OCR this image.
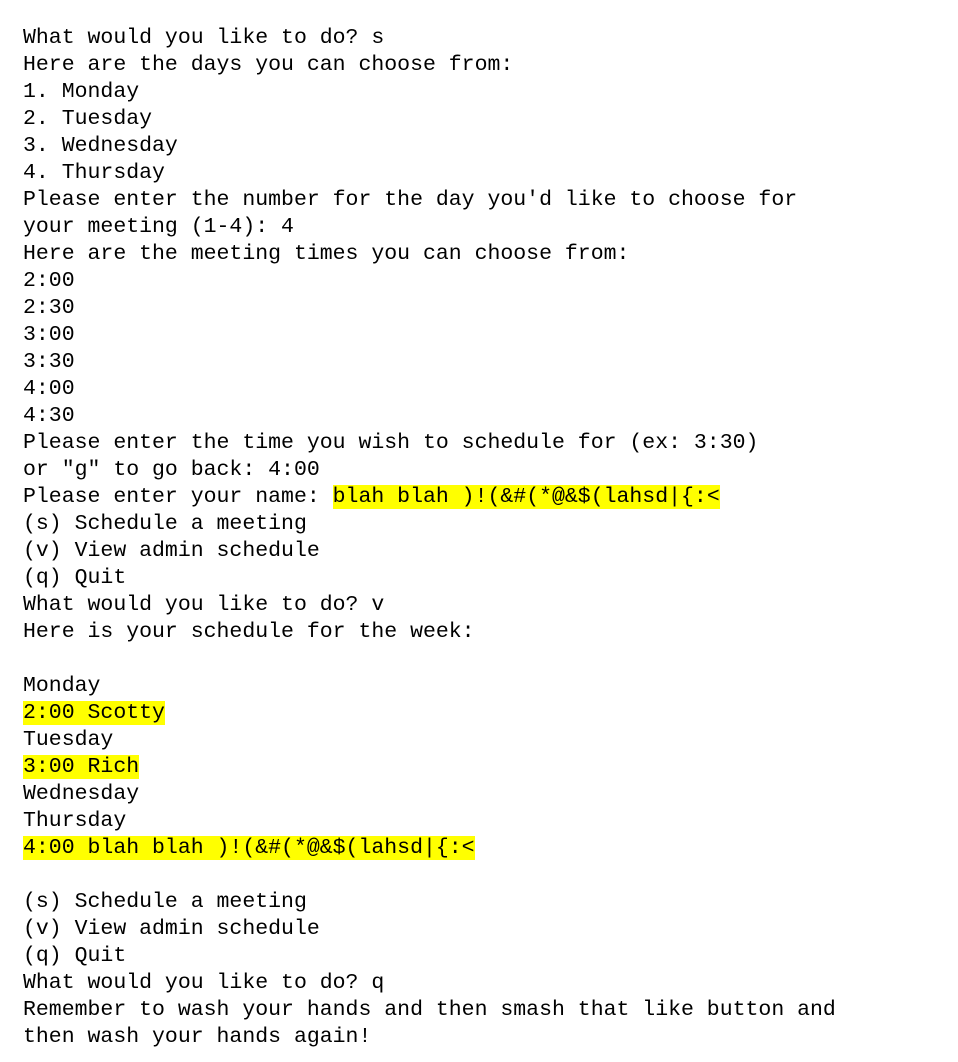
What would you like to do? s
Here are the days you can choose from:
1. Monday
2. Tuesday
3. Wednesday
4. Thursday
Please enter the number for the day you'd like to choose for
your meeting (1-4): 4
Here are the meeting times you can choose from:
2:00
2:30
3:00
3:30
4:00
4:30
Please enter the time you wish to schedule for (ex: 3:30)
or "g" to go back: 4:00
Please enter your name: blah blah )!(&#(*@&$(lahsd|{:<
(s) Schedule a meeting
(v) View admin schedule
(q) Quit
What would you like to do? v
Here is your schedule for the week:
Monday
2:00 Scotty
Tuesday
3:00 Rich
Wednesday
Thursday
4:00 blah blah )!(&#(*@&$(lahsd|{:<
(s) Schedule a meeting
(v) View admin schedule
(q) Quit
What would you like to do? q
Remember to wash your hands and then smash that like button and
then wash your hands again!
